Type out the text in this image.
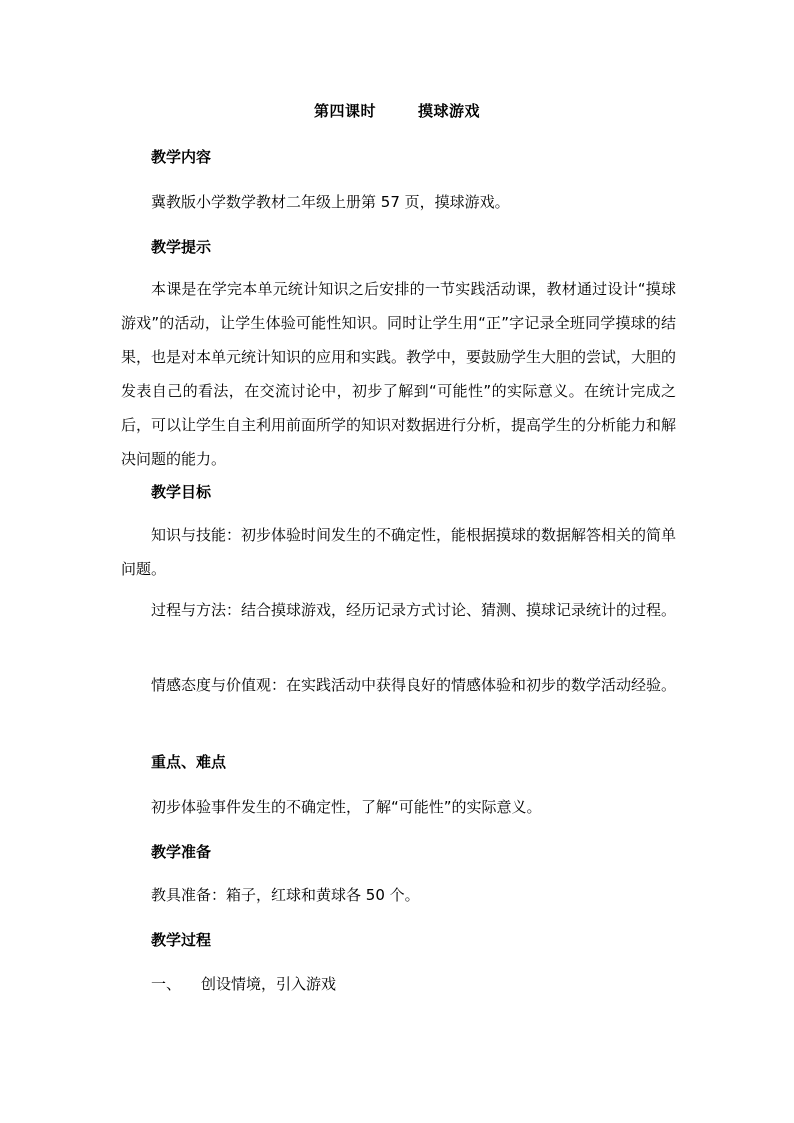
第四课时	摸球游戏
教学内容
冀教版小学数学教材二年级上册第 57 页，摸球游戏。
教学提示
本课是在学完本单元统计知识之后安排的一节实践活动课，教材通过设计“摸球游戏”的活动，让学生体验可能性知识。同时让学生用“正”字记录全班同学摸球的结果，也是对本单元统计知识的应用和实践。教学中，要鼓励学生大胆的尝试，大胆的发表自己的看法，在交流讨论中，初步了解到“可能性”的实际意义。在统计完成之后，可以让学生自主利用前面所学的知识对数据进行分析，提高学生的分析能力和解决问题的能力。
教学目标
知识与技能：初步体验时间发生的不确定性，能根据摸球的数据解答相关的简单问题。
过程与方法：结合摸球游戏，经历记录方式讨论、猜测、摸球记录统计的过程。
情感态度与价值观：在实践活动中获得良好的情感体验和初步的数学活动经验。
重点、难点
初步体验事件发生的不确定性，了解“可能性”的实际意义。
教学准备
教具准备：箱子，红球和黄球各 50 个。
教学过程
一、 创设情境，引入游戏
